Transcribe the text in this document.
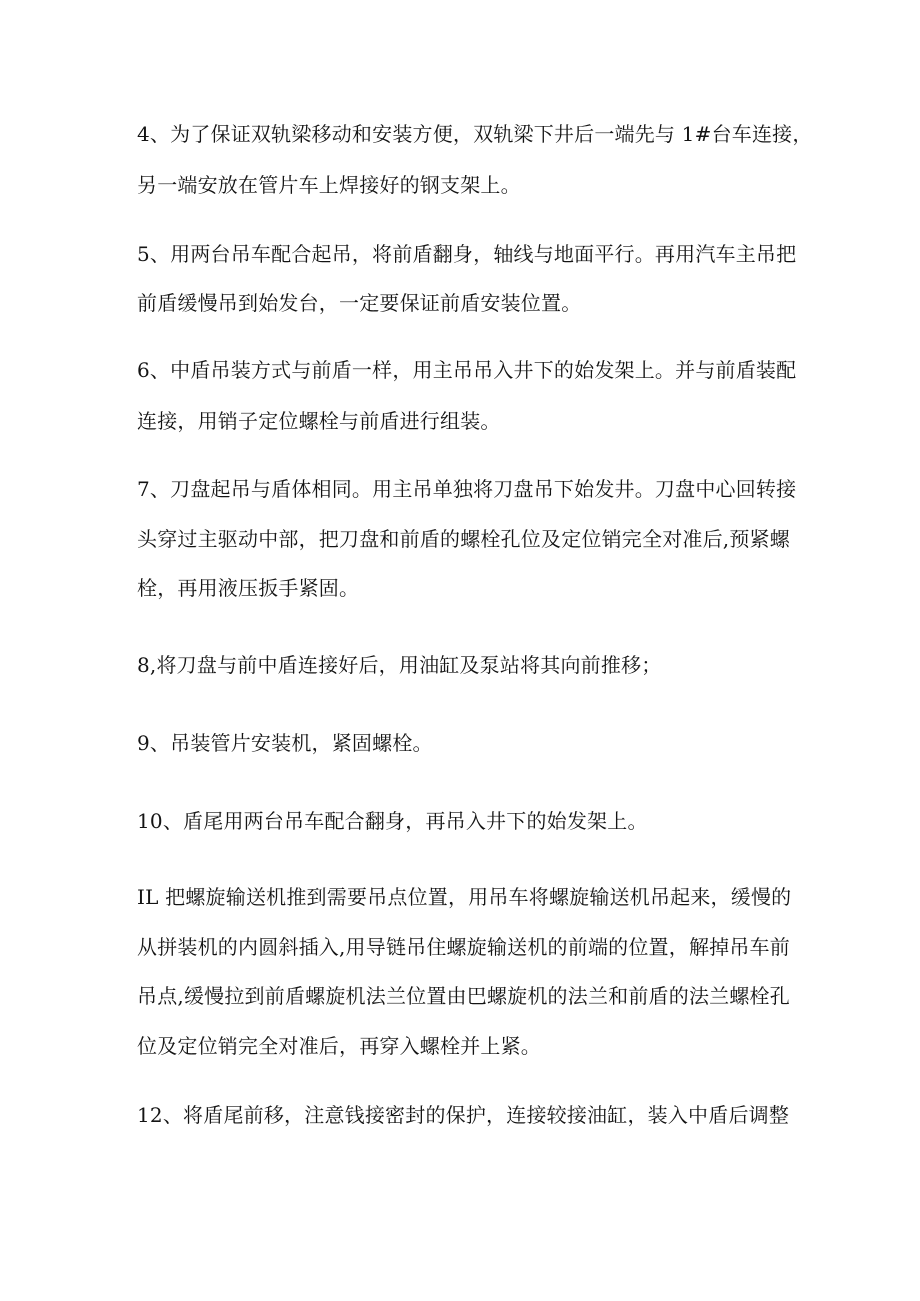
4、为了保证双轨梁移动和安装方便，双轨梁下井后一端先与 1#台车连接，
另一端安放在管片车上焊接好的钢支架上。
5、用两台吊车配合起吊，将前盾翻身，轴线与地面平行。再用汽车主吊把
前盾缓慢吊到始发台，一定要保证前盾安装位置。
6、中盾吊装方式与前盾一样，用主吊吊入井下的始发架上。并与前盾装配
连接，用销子定位螺栓与前盾进行组装。
7、刀盘起吊与盾体相同。用主吊单独将刀盘吊下始发井。刀盘中心回转接
头穿过主驱动中部，把刀盘和前盾的螺栓孔位及定位销完全对准后,预紧螺
栓，再用液压扳手紧固。
8,将刀盘与前中盾连接好后，用油缸及泵站将其向前推移；
9、吊装管片安装机，紧固螺栓。
10、盾尾用两台吊车配合翻身，再吊入井下的始发架上。
IL 把螺旋输送机推到需要吊点位置，用吊车将螺旋输送机吊起来，缓慢的
从拼装机的内圆斜插入,用导链吊住螺旋输送机的前端的位置，解掉吊车前
吊点,缓慢拉到前盾螺旋机法兰位置由巴螺旋机的法兰和前盾的法兰螺栓孔
位及定位销完全对准后，再穿入螺栓并上紧。
12、将盾尾前移，注意钱接密封的保护，连接较接油缸，装入中盾后调整
